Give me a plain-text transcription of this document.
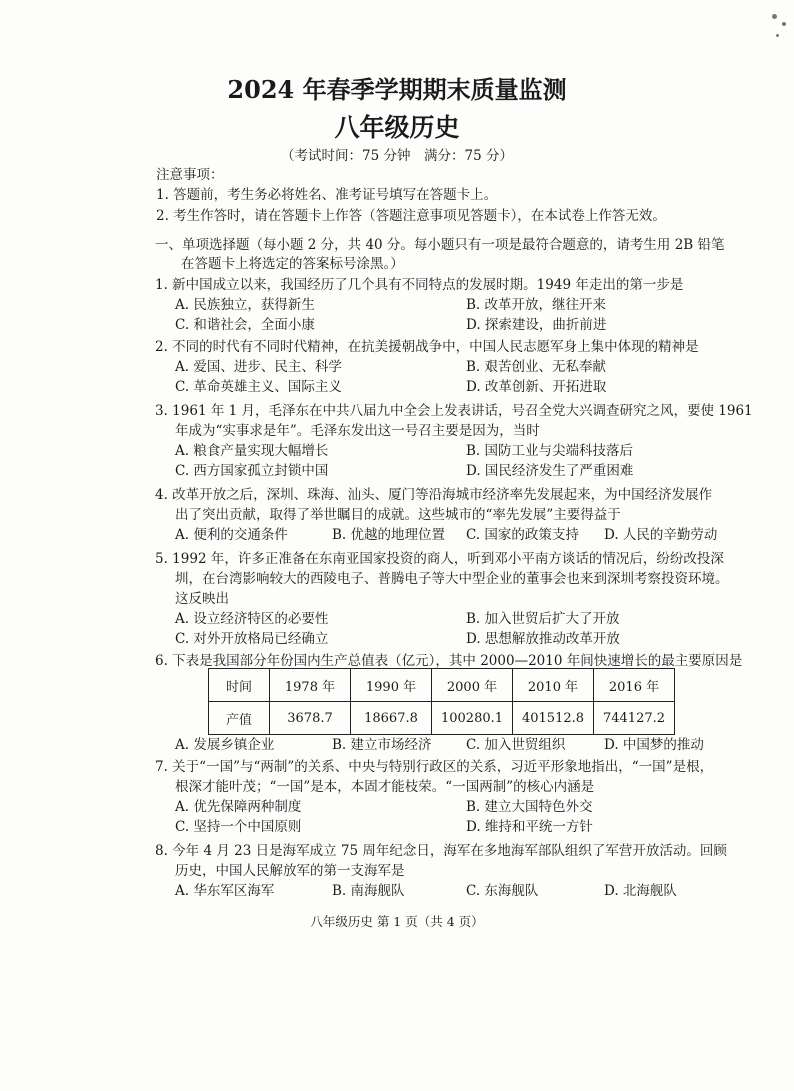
2024 年春季学期期末质量监测
八年级历史
（考试时间：75 分钟　满分：75 分）
注意事项：
1. 答题前，考生务必将姓名、准考证号填写在答题卡上。
2. 考生作答时，请在答题卡上作答（答题注意事项见答题卡），在本试卷上作答无效。
一、单项选择题（每小题 2 分，共 40 分。每小题只有一项是最符合题意的，请考生用 2B 铅笔
在答题卡上将选定的答案标号涂黑。）
1. 新中国成立以来，我国经历了几个具有不同特点的发展时期。1949 年走出的第一步是
A. 民族独立，获得新生	B. 改革开放，继往开来
C. 和谐社会，全面小康	D. 探索建设，曲折前进
2. 不同的时代有不同时代精神，在抗美援朝战争中，中国人民志愿军身上集中体现的精神是
A. 爱国、进步、民主、科学	B. 艰苦创业、无私奉献
C. 革命英雄主义、国际主义	D. 改革创新、开拓进取
3. 1961 年 1 月，毛泽东在中共八届九中全会上发表讲话，号召全党大兴调查研究之风，要使 1961
年成为“实事求是年”。毛泽东发出这一号召主要是因为，当时
A. 粮食产量实现大幅增长	B. 国防工业与尖端科技落后
C. 西方国家孤立封锁中国	D. 国民经济发生了严重困难
4. 改革开放之后，深圳、珠海、汕头、厦门等沿海城市经济率先发展起来，为中国经济发展作
出了突出贡献，取得了举世瞩目的成就。这些城市的“率先发展”主要得益于
A. 便利的交通条件	B. 优越的地理位置 C. 国家的政策支持 D. 人民的辛勤劳动
5. 1992 年，许多正准备在东南亚国家投资的商人，听到邓小平南方谈话的情况后，纷纷改投深
圳，在台湾影响较大的西陵电子、普腾电子等大中型企业的董事会也来到深圳考察投资环境。
这反映出
A. 设立经济特区的必要性	B. 加入世贸后扩大了开放
C. 对外开放格局已经确立	D. 思想解放推动改革开放
6. 下表是我国部分年份国内生产总值表（亿元），其中 2000—2010 年间快速增长的最主要原因是
时间	1978 年	1990 年	2000 年	2010 年	2016 年
产值	3678.7	18667.8	100280.1	401512.8	744127.2
A. 发展乡镇企业	B. 建立市场经济	C. 加入世贸组织	D. 中国梦的推动
7. 关于“一国”与“两制”的关系、中央与特别行政区的关系，习近平形象地指出，“一国”是根，
根深才能叶茂；“一国”是本，本固才能枝荣。“一国两制”的核心内涵是
A. 优先保障两种制度	B. 建立大国特色外交
C. 坚持一个中国原则	D. 维持和平统一方针
8. 今年 4 月 23 日是海军成立 75 周年纪念日，海军在多地海军部队组织了军营开放活动。回顾
历史，中国人民解放军的第一支海军是
A. 华东军区海军	B. 南海舰队	C. 东海舰队	D. 北海舰队
八年级历史 第 1 页（共 4 页）
